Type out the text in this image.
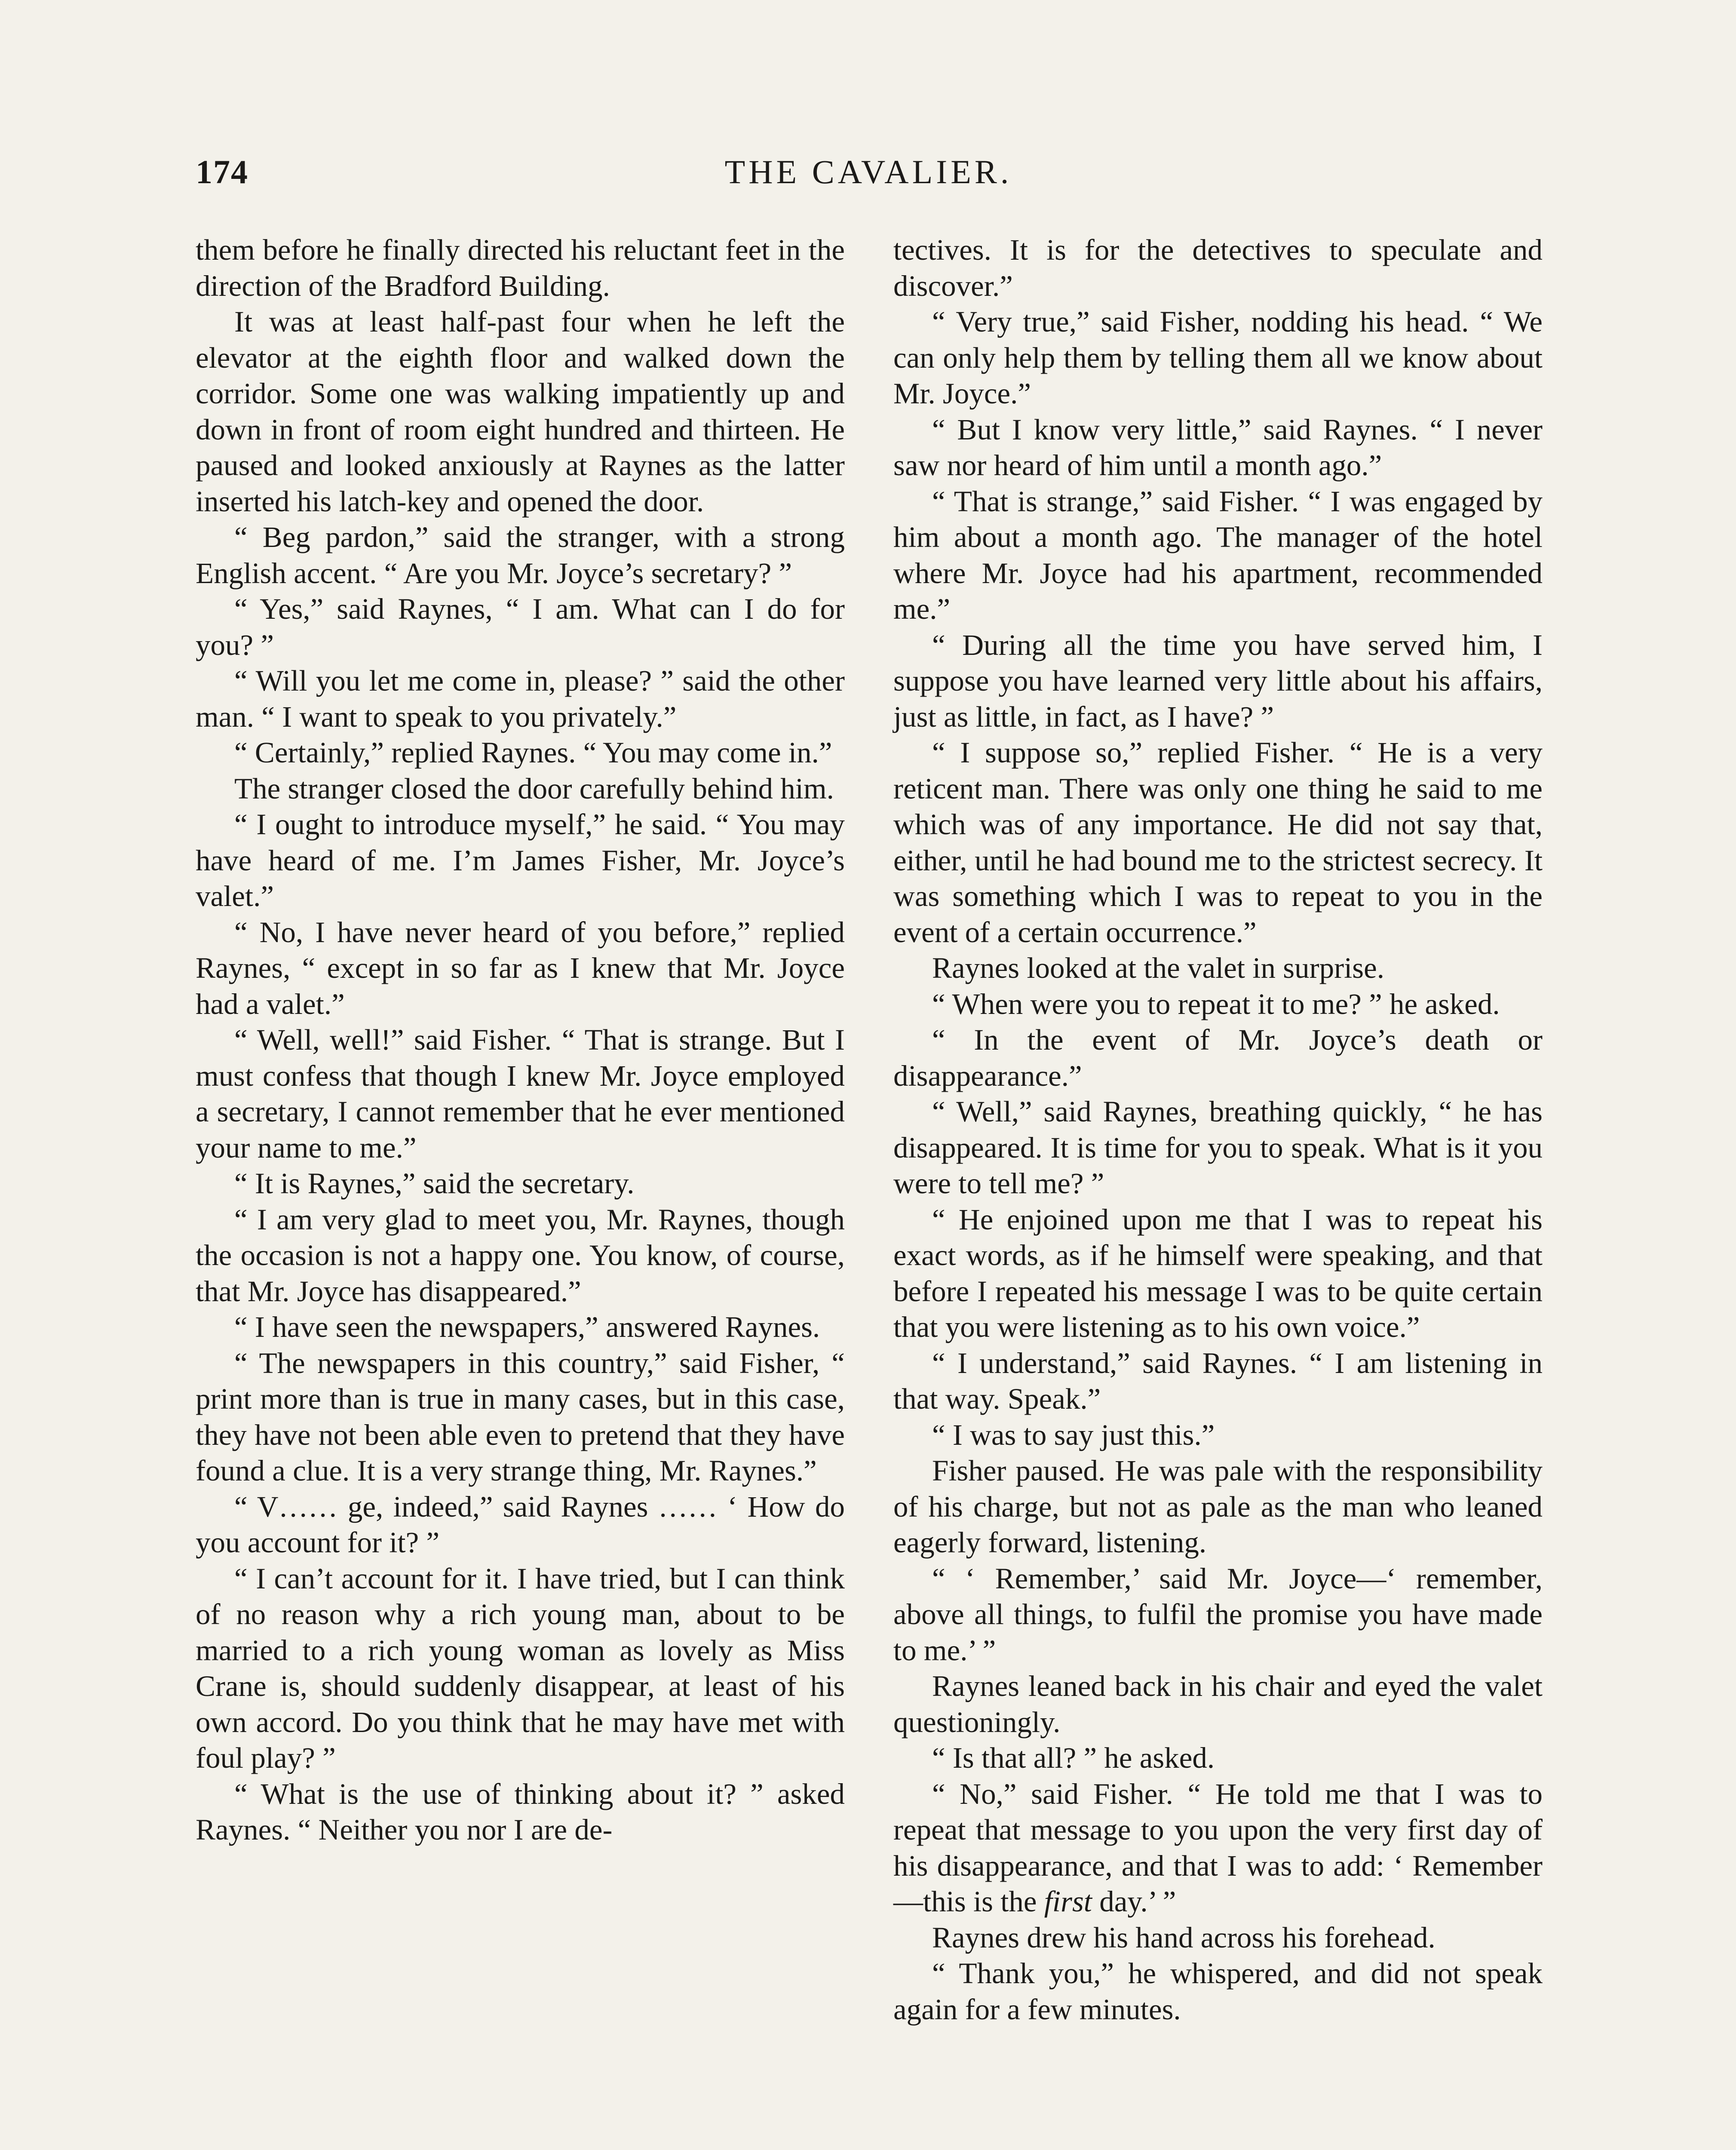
174	THE CAVALIER.

them before he finally directed his reluctant feet in the direction of the Bradford Building.

It was at least half-past four when he left the elevator at the eighth floor and walked down the corridor. Some one was walking impatiently up and down in front of room eight hundred and thirteen. He paused and looked anxiously at Raynes as the latter inserted his latch-key and opened the door.

“ Beg pardon,” said the stranger, with a strong English accent. “ Are you Mr. Joyce’s secretary? ”

“ Yes,” said Raynes, “ I am. What can I do for you? ”

“ Will you let me come in, please? ” said the other man. “ I want to speak to you privately.”

“ Certainly,” replied Raynes. “ You may come in.”

The stranger closed the door carefully behind him.

“ I ought to introduce myself,” he said. “ You may have heard of me. I’m James Fisher, Mr. Joyce’s valet.”

“ No, I have never heard of you before,” replied Raynes, “ except in so far as I knew that Mr. Joyce had a valet.”

“ Well, well!” said Fisher. “ That is strange. But I must confess that though I knew Mr. Joyce employed a secretary, I cannot remember that he ever mentioned your name to me.”

“ It is Raynes,” said the secretary.

“ I am very glad to meet you, Mr. Raynes, though the occasion is not a happy one. You know, of course, that Mr. Joyce has disappeared.”

“ I have seen the newspapers,” answered Raynes.

“ The newspapers in this country,” said Fisher, “ print more than is true in many cases, but in this case, they have not been able even to pretend that they have found a clue. It is a very strange thing, Mr. Raynes.”

“ V…… ge, indeed,” said Raynes …… ‘ How do you account for it? ”

“ I can’t account for it. I have tried, but I can think of no reason why a rich young man, about to be married to a rich young woman as lovely as Miss Crane is, should suddenly disappear, at least of his own accord. Do you think that he may have met with foul play? ”

“ What is the use of thinking about it? ” asked Raynes. “ Neither you nor I are de-

tectives. It is for the detectives to speculate and discover.”

“ Very true,” said Fisher, nodding his head. “ We can only help them by telling them all we know about Mr. Joyce.”

“ But I know very little,” said Raynes. “ I never saw nor heard of him until a month ago.”

“ That is strange,” said Fisher. “ I was engaged by him about a month ago. The manager of the hotel where Mr. Joyce had his apartment, recommended me.”

“ During all the time you have served him, I suppose you have learned very little about his affairs, just as little, in fact, as I have? ”

“ I suppose so,” replied Fisher. “ He is a very reticent man. There was only one thing he said to me which was of any importance. He did not say that, either, until he had bound me to the strictest secrecy. It was something which I was to repeat to you in the event of a certain occurrence.”

Raynes looked at the valet in surprise.

“ When were you to repeat it to me? ” he asked.

“ In the event of Mr. Joyce’s death or disappearance.”

“ Well,” said Raynes, breathing quickly, “ he has disappeared. It is time for you to speak. What is it you were to tell me? ”

“ He enjoined upon me that I was to repeat his exact words, as if he himself were speaking, and that before I repeated his message I was to be quite certain that you were listening as to his own voice.”

“ I understand,” said Raynes. “ I am listening in that way. Speak.”

“ I was to say just this.”

Fisher paused. He was pale with the responsibility of his charge, but not as pale as the man who leaned eagerly forward, listening.

“ ‘ Remember,’ said Mr. Joyce—‘ remember, above all things, to fulfil the promise you have made to me.’ ”

Raynes leaned back in his chair and eyed the valet questioningly.

“ Is that all? ” he asked.

“ No,” said Fisher. “ He told me that I was to repeat that message to you upon the very first day of his disappearance, and that I was to add: ‘ Remember—this is the first day.’ ”

Raynes drew his hand across his forehead.

“ Thank you,” he whispered, and did not speak again for a few minutes.
